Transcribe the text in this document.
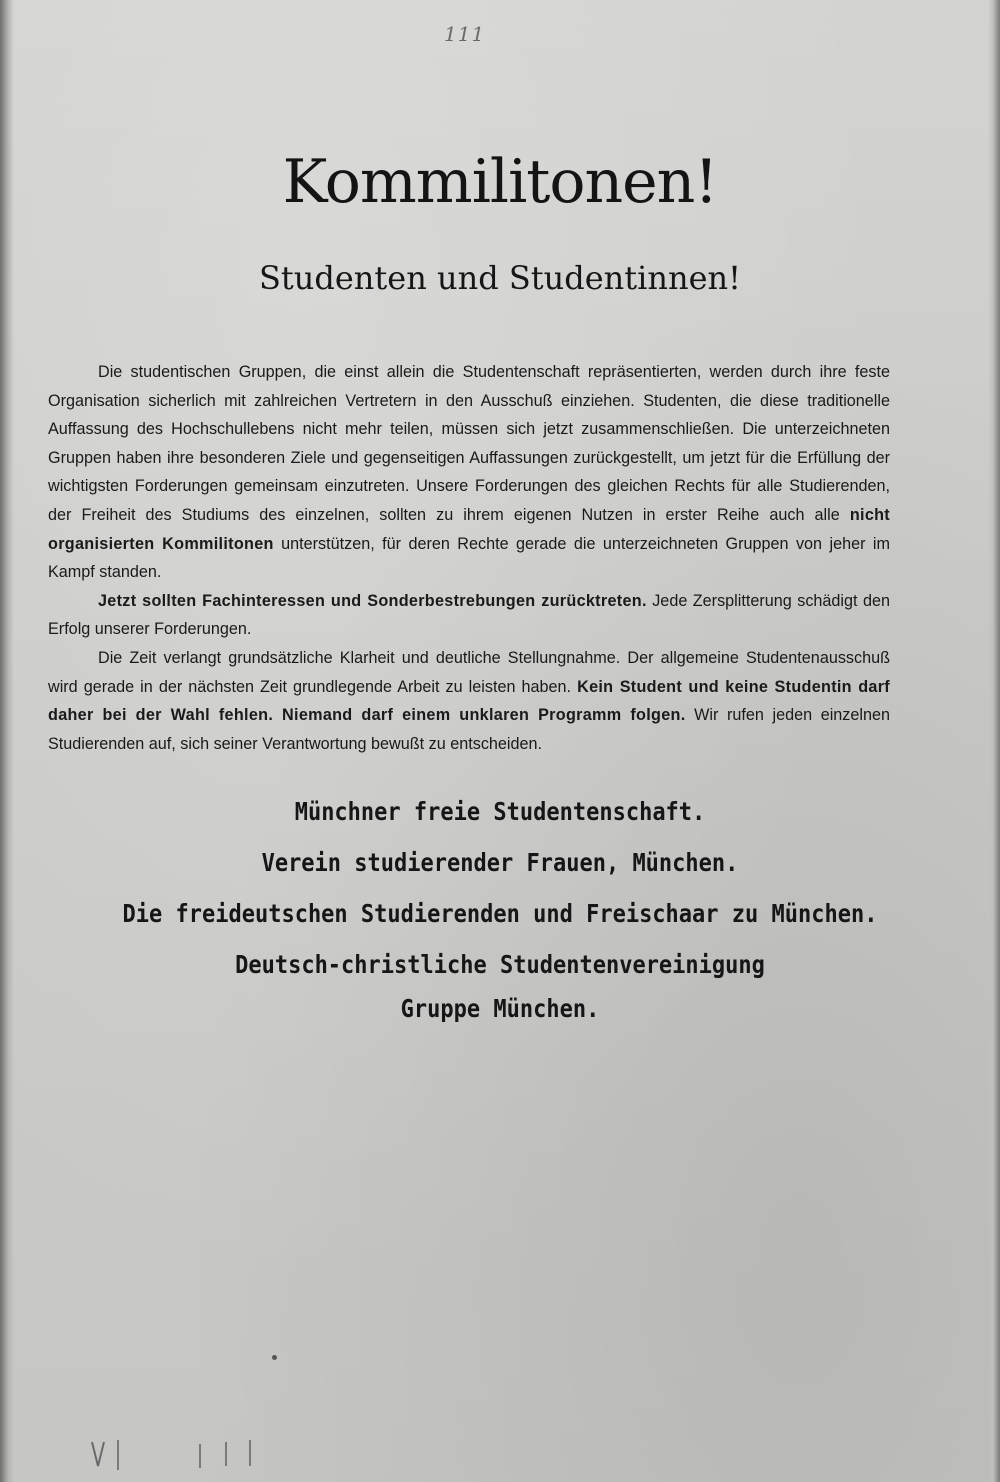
111
Kommilitonen!
Studenten und Studentinnen!

Die studentischen Gruppen, die einst allein die Studentenschaft repräsentierten, werden durch ihre feste Organisation sicherlich mit zahlreichen Vertretern in den Ausschuß einziehen. Studenten, die diese traditionelle Auffassung des Hochschullebens nicht mehr teilen, müssen sich jetzt zusammenschließen. Die unterzeichneten Gruppen haben ihre besonderen Ziele und gegenseitigen Auffassungen zurückgestellt, um jetzt für die Erfüllung der wichtigsten Forderungen gemeinsam einzutreten. Unsere Forderungen des gleichen Rechts für alle Studierenden, der Freiheit des Studiums des einzelnen, sollten zu ihrem eigenen Nutzen in erster Reihe auch alle nicht organisierten Kommilitonen unterstützen, für deren Rechte gerade die unterzeichneten Gruppen von jeher im Kampf standen.

Jetzt sollten Fachinteressen und Sonderbestrebungen zurücktreten. Jede Zersplitterung schädigt den Erfolg unserer Forderungen.

Die Zeit verlangt grundsätzliche Klarheit und deutliche Stellungnahme. Der allgemeine Studentenausschuß wird gerade in der nächsten Zeit grundlegende Arbeit zu leisten haben. Kein Student und keine Studentin darf daher bei der Wahl fehlen. Niemand darf einem unklaren Programm folgen. Wir rufen jeden einzelnen Studierenden auf, sich seiner Verantwortung bewußt zu entscheiden.

Münchner freie Studentenschaft.
Verein studierender Frauen, München.
Die freideutschen Studierenden und Freischaar zu München.
Deutsch-christliche Studentenvereinigung
Gruppe München.
